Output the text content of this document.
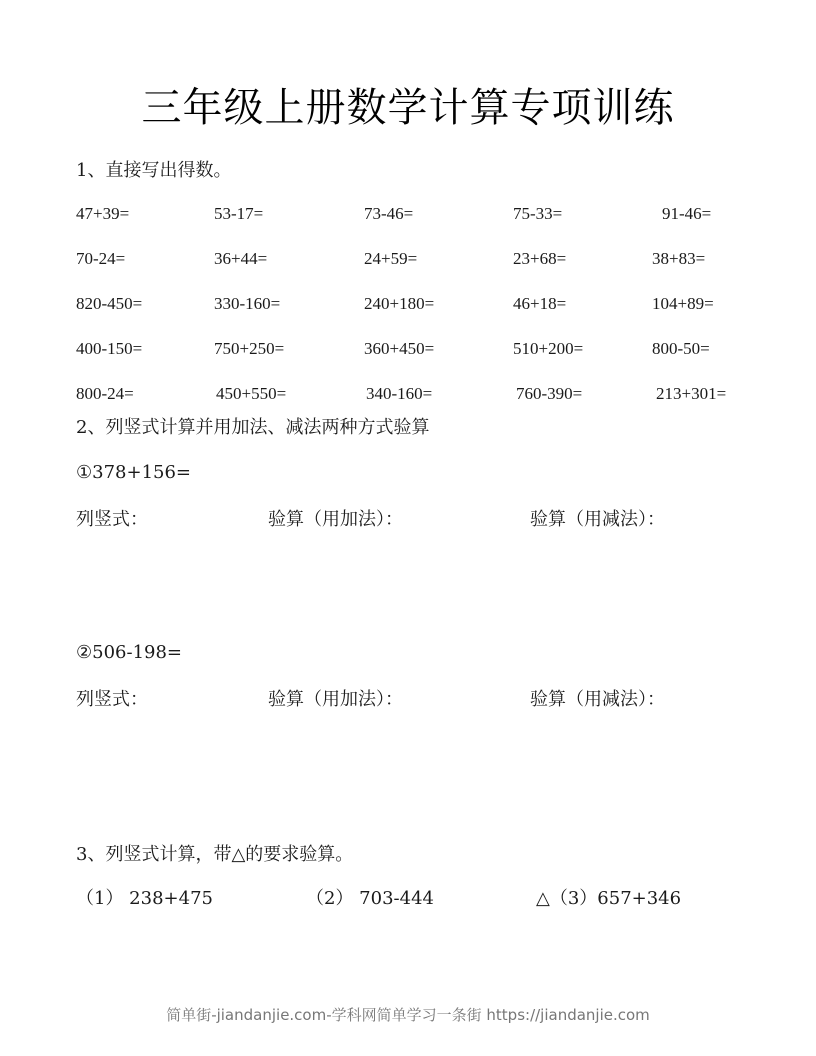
三年级上册数学计算专项训练
1、直接写出得数。
47+39=	53-17=	73-46=	75-33=	91-46=
70-24=	36+44=	24+59=	23+68=	38+83=
820-450=	330-160=	240+180=	46+18=	104+89=
400-150=	750+250=	360+450=	510+200=	800-50=
800-24=	450+550=	340-160=	760-390=	213+301=
2、列竖式计算并用加法、减法两种方式验算
①378+156=
列竖式：	验算（用加法）：	验算（用减法）：
②506-198=
列竖式：	验算（用加法）：	验算（用减法）：
3、列竖式计算，带△的要求验算。
（1） 238+475	（2） 703-444	△（3）657+346
简单街-jiandanjie.com-学科网简单学习一条街 https://jiandanjie.com
